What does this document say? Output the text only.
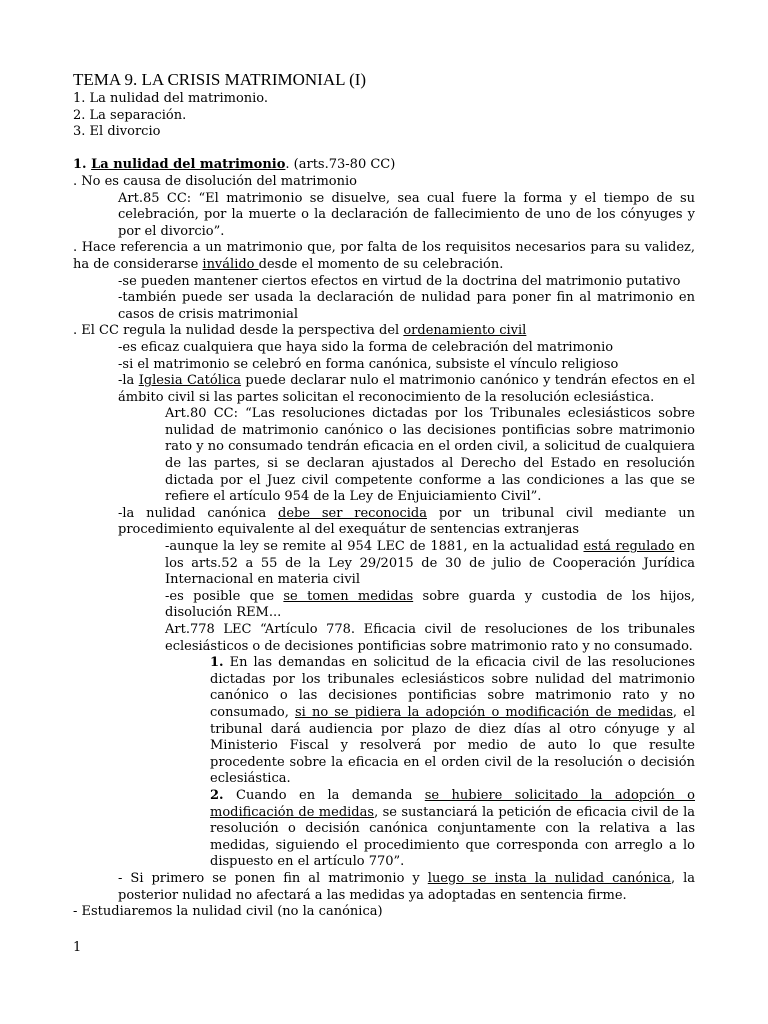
TEMA 9. LA CRISIS MATRIMONIAL (I)

1. La nulidad del matrimonio.

2. La separación.

3. El divorcio

1. La nulidad del matrimonio. (arts.73-80 CC)

. No es causa de disolución del matrimonio

Art.85 CC: “El matrimonio se disuelve, sea cual fuere la forma y el tiempo de su celebración, por la muerte o la declaración de fallecimiento de uno de los cónyuges y por el divorcio”.

. Hace referencia a un matrimonio que, por falta de los requisitos necesarios para su validez, ha de considerarse inválido desde el momento de su celebración.

-se pueden mantener ciertos efectos en virtud de la doctrina del matrimonio putativo

-también puede ser usada la declaración de nulidad para poner fin al matrimonio en casos de crisis matrimonial

. El CC regula la nulidad desde la perspectiva del ordenamiento civil

-es eficaz cualquiera que haya sido la forma de celebración del matrimonio

-si el matrimonio se celebró en forma canónica, subsiste el vínculo religioso

-la Iglesia Católica puede declarar nulo el matrimonio canónico y tendrán efectos en el ámbito civil si las partes solicitan el reconocimiento de la resolución eclesiástica.

Art.80 CC: “Las resoluciones dictadas por los Tribunales eclesiásticos sobre nulidad de matrimonio canónico o las decisiones pontificias sobre matrimonio rato y no consumado tendrán eficacia en el orden civil, a solicitud de cualquiera de las partes, si se declaran ajustados al Derecho del Estado en resolución dictada por el Juez civil competente conforme a las condiciones a las que se refiere el artículo 954 de la Ley de Enjuiciamiento Civil”.

-la nulidad canónica debe ser reconocida por un tribunal civil mediante un procedimiento equivalente al del exequátur de sentencias extranjeras

-aunque la ley se remite al 954 LEC de 1881, en la actualidad está regulado en los arts.52 a 55 de la Ley 29/2015 de 30 de julio de Cooperación Jurídica Internacional en materia civil

-es posible que se tomen medidas sobre guarda y custodia de los hijos, disolución REM...

Art.778 LEC “Artículo 778. Eficacia civil de resoluciones de los tribunales eclesiásticos o de decisiones pontificias sobre matrimonio rato y no consumado.

1. En las demandas en solicitud de la eficacia civil de las resoluciones dictadas por los tribunales eclesiásticos sobre nulidad del matrimonio canónico o las decisiones pontificias sobre matrimonio rato y no consumado, si no se pidiera la adopción o modificación de medidas, el tribunal dará audiencia por plazo de diez días al otro cónyuge y al Ministerio Fiscal y resolverá por medio de auto lo que resulte procedente sobre la eficacia en el orden civil de la resolución o decisión eclesiástica.

2. Cuando en la demanda se hubiere solicitado la adopción o modificación de medidas, se sustanciará la petición de eficacia civil de la resolución o decisión canónica conjuntamente con la relativa a las medidas, siguiendo el procedimiento que corresponda con arreglo a lo dispuesto en el artículo 770”.

- Si primero se ponen fin al matrimonio y luego se insta la nulidad canónica, la posterior nulidad no afectará a las medidas ya adoptadas en sentencia firme.

- Estudiaremos la nulidad civil (no la canónica)

1
